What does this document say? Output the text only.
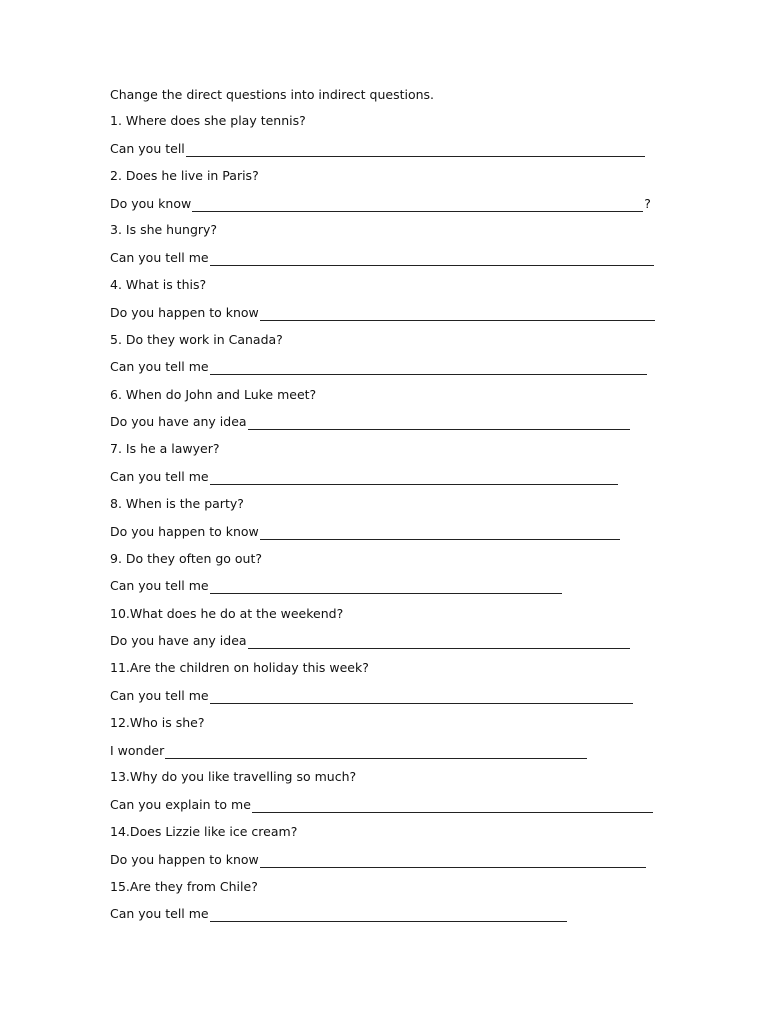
Change the direct questions into indirect questions.
1. Where does she play tennis?
Can you tell
2. Does he live in Paris?
Do you know	?
3. Is she hungry?
Can you tell me
4. What is this?
Do you happen to know
5. Do they work in Canada?
Can you tell me
6. When do John and Luke meet?
Do you have any idea
7. Is he a lawyer?
Can you tell me
8. When is the party?
Do you happen to know
9. Do they often go out?
Can you tell me
10.What does he do at the weekend?
Do you have any idea
11.Are the children on holiday this week?
Can you tell me
12.Who is she?
I wonder
13.Why do you like travelling so much?
Can you explain to me
14.Does Lizzie like ice cream?
Do you happen to know
15.Are they from Chile?
Can you tell me
